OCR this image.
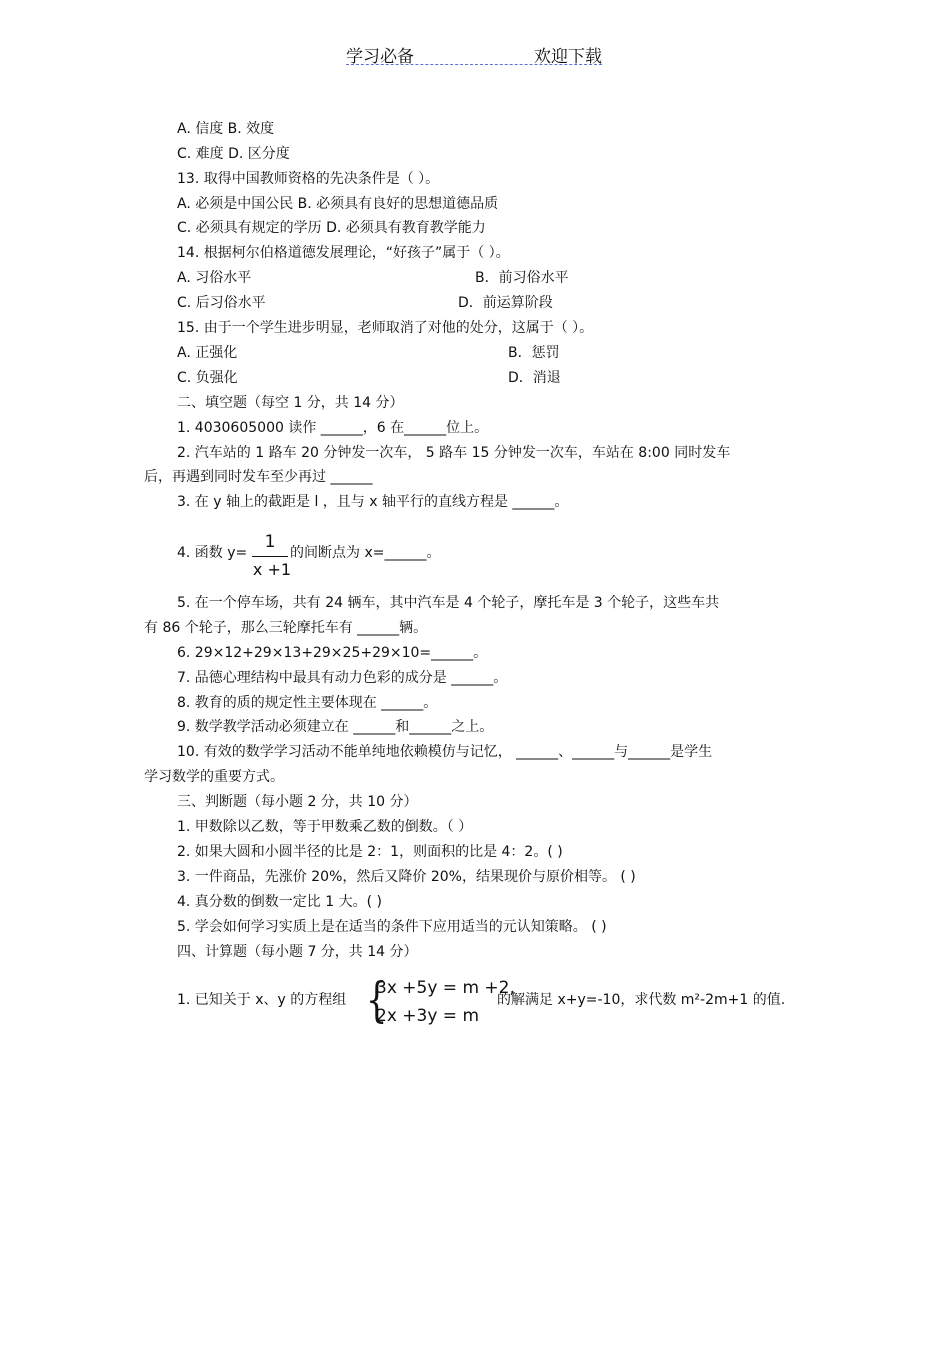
学习必备	欢迎下载
A. 信度 B. 效度
C. 难度 D. 区分度
13. 取得中国教师资格的先决条件是（ ）。
A. 必须是中国公民 B. 必须具有良好的思想道德品质
C. 必须具有规定的学历 D. 必须具有教育教学能力
14. 根据柯尔伯格道德发展理论，“好孩子”属于（ ）。
A. 习俗水平	B．前习俗水平
C. 后习俗水平	D．前运算阶段
15. 由于一个学生进步明显，老师取消了对他的处分，这属于（ ）。
A. 正强化	B．惩罚
C. 负强化	D．消退
二、填空题（每空 1 分，共 14 分）
1. 4030605000 读作 ______，6 在______位上。
2. 汽车站的 1 路车 20 分钟发一次车， 5 路车 15 分钟发一次车，车站在 8:00 同时发车
后，再遇到同时发车至少再过 ______
3. 在 y 轴上的截距是 l ，且与 x 轴平行的直线方程是 ______。
4. 函数 y=	的间断点为 x=______。
5. 在一个停车场，共有 24 辆车，其中汽车是 4 个轮子，摩托车是 3 个轮子，这些车共
有 86 个轮子，那么三轮摩托车有 ______辆。
6. 29×12+29×13+29×25+29×10=______。
7. 品德心理结构中最具有动力色彩的成分是 ______。
8. 教育的质的规定性主要体现在 ______。
9. 数学教学活动必须建立在 ______和______之上。
10. 有效的数学学习活动不能单纯地依赖模仿与记忆， ______、______与______是学生
学习数学的重要方式。
三、判断题（每小题 2 分，共 10 分）
1. 甲数除以乙数，等于甲数乘乙数的倒数。（ ）
2. 如果大圆和小圆半径的比是 2：1，则面积的比是 4：2。( )
3. 一件商品，先涨价 20%，然后又降价 20%，结果现价与原价相等。 ( )
4. 真分数的倒数一定比 1 大。( )
5. 学会如何学习实质上是在适当的条件下应用适当的元认知策略。 ( )
四、计算题（每小题 7 分，共 14 分）
1. 已知关于 x、y 的方程组	的解满足 x+y=-10，求代数 m²-2m+1 的值.
1
x +1
{
3x +5y = m +2,
2x +3y = m
